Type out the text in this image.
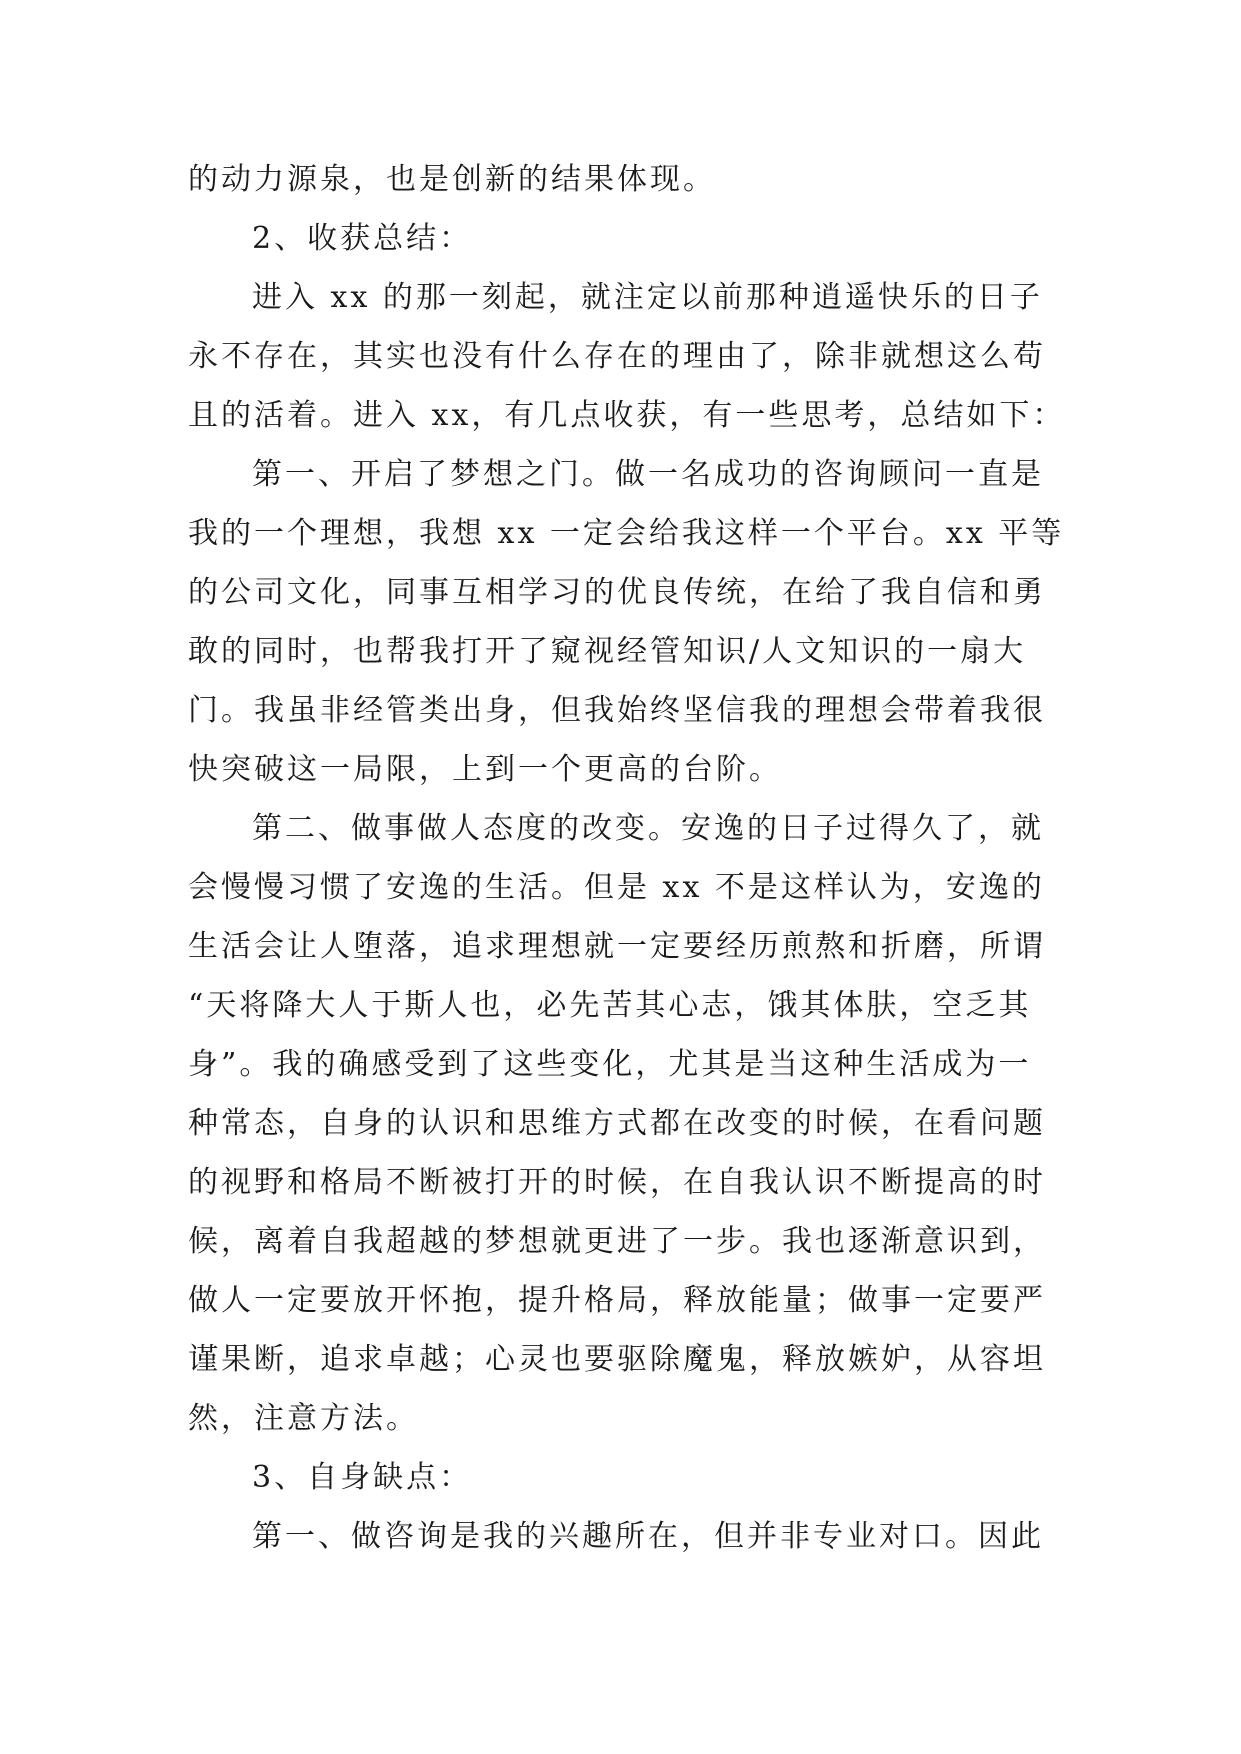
的动力源泉，也是创新的结果体现。
2、收获总结：
进入 xx 的那一刻起，就注定以前那种逍遥快乐的日子
永不存在，其实也没有什么存在的理由了，除非就想这么苟
且的活着。进入 xx，有几点收获，有一些思考，总结如下：
第一、开启了梦想之门。做一名成功的咨询顾问一直是
我的一个理想，我想 xx 一定会给我这样一个平台。xx 平等
的公司文化，同事互相学习的优良传统，在给了我自信和勇
敢的同时，也帮我打开了窥视经管知识/人文知识的一扇大
门。我虽非经管类出身，但我始终坚信我的理想会带着我很
快突破这一局限，上到一个更高的台阶。
第二、做事做人态度的改变。安逸的日子过得久了，就
会慢慢习惯了安逸的生活。但是 xx 不是这样认为，安逸的
生活会让人堕落，追求理想就一定要经历煎熬和折磨，所谓
“天将降大人于斯人也，必先苦其心志，饿其体肤，空乏其
身”。我的确感受到了这些变化，尤其是当这种生活成为一
种常态，自身的认识和思维方式都在改变的时候，在看问题
的视野和格局不断被打开的时候，在自我认识不断提高的时
候，离着自我超越的梦想就更进了一步。我也逐渐意识到，
做人一定要放开怀抱，提升格局，释放能量；做事一定要严
谨果断，追求卓越；心灵也要驱除魔鬼，释放嫉妒，从容坦
然，注意方法。
3、自身缺点：
第一、做咨询是我的兴趣所在，但并非专业对口。因此
